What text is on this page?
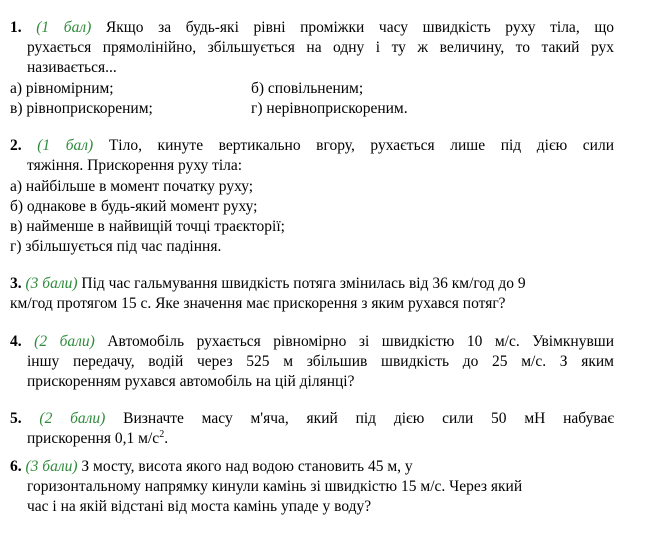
1. (1 бал) Якщо за будь-які рівні проміжки часу швидкість руху тіла, що
рухається прямолінійно, збільшується на одну і ту ж величину, то такий рух
називається...
а) рівномірним;	б) сповільненим;
в) рівноприскореним;	г) нерівноприскореним.
2. (1 бал) Тіло, кинуте вертикально вгору, рухається лише під дією сили
тяжіння. Прискорення руху тіла:
а) найбільше в момент початку руху;
б) однакове в будь-який момент руху;
в) найменше в найвищій точці траєкторії;
г) збільшується під час падіння.
3. (3 бали) Під час гальмування швидкість потяга змінилась від 36 км/год до 9
км/год протягом 15 с. Яке значення має прискорення з яким рухався потяг?
4. (2 бали) Автомобіль рухається рівномірно зі швидкістю 10 м/с. Увімкнувши
іншу передачу, водій через 525 м збільшив швидкість до 25 м/с. З яким
прискоренням рухався автомобіль на цій ділянці?
5. (2 бали) Визначте масу м'яча, який під дією сили 50 мН набуває
прискорення 0,1 $м/с^2$.
6. (3 бали) З мосту, висота якого над водою становить 45 м, у
горизонтальному напрямку кинули камінь зі швидкістю 15 м/с. Через який
час і на якій відстані від моста камінь упаде у воду?
